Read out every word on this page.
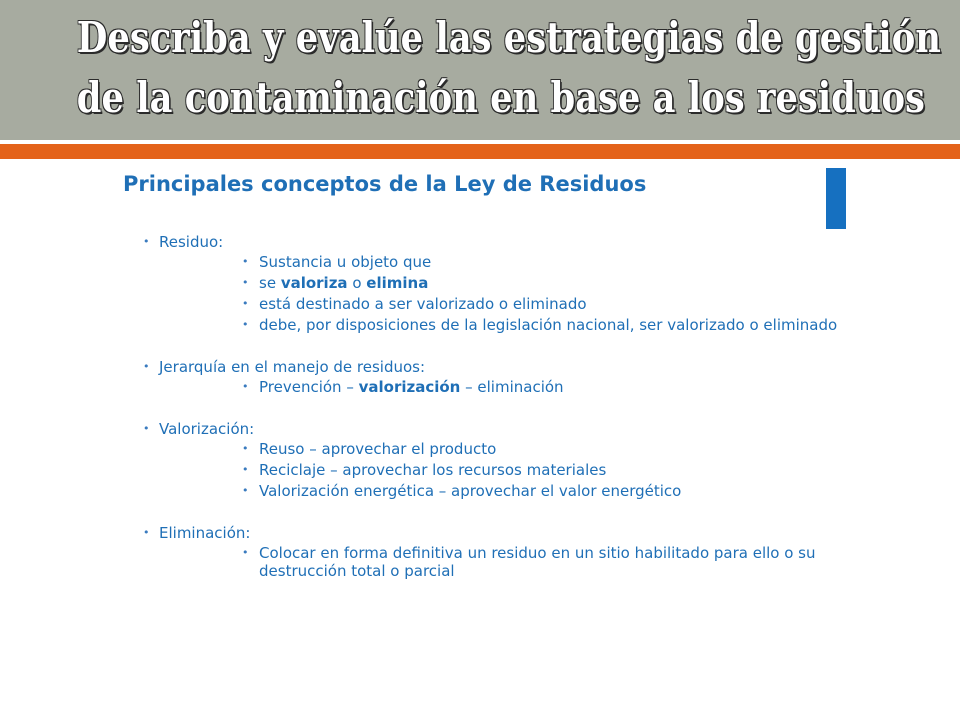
Describa y evalúe las estrategias de gestión
de la contaminación en base a los residuos
Principales conceptos de la Ley de Residuos
• Residuo:
• Sustancia u objeto que
• se valoriza o elimina
• está destinado a ser valorizado o eliminado
• debe, por disposiciones de la legislación nacional, ser valorizado o eliminado
• Jerarquía en el manejo de residuos:
• Prevención – valorización – eliminación
• Valorización:
• Reuso – aprovechar el producto
• Reciclaje – aprovechar los recursos materiales
• Valorización energética – aprovechar el valor energético
• Eliminación:
• Colocar en forma definitiva un residuo en un sitio habilitado para ello o su destrucción total o parcial
